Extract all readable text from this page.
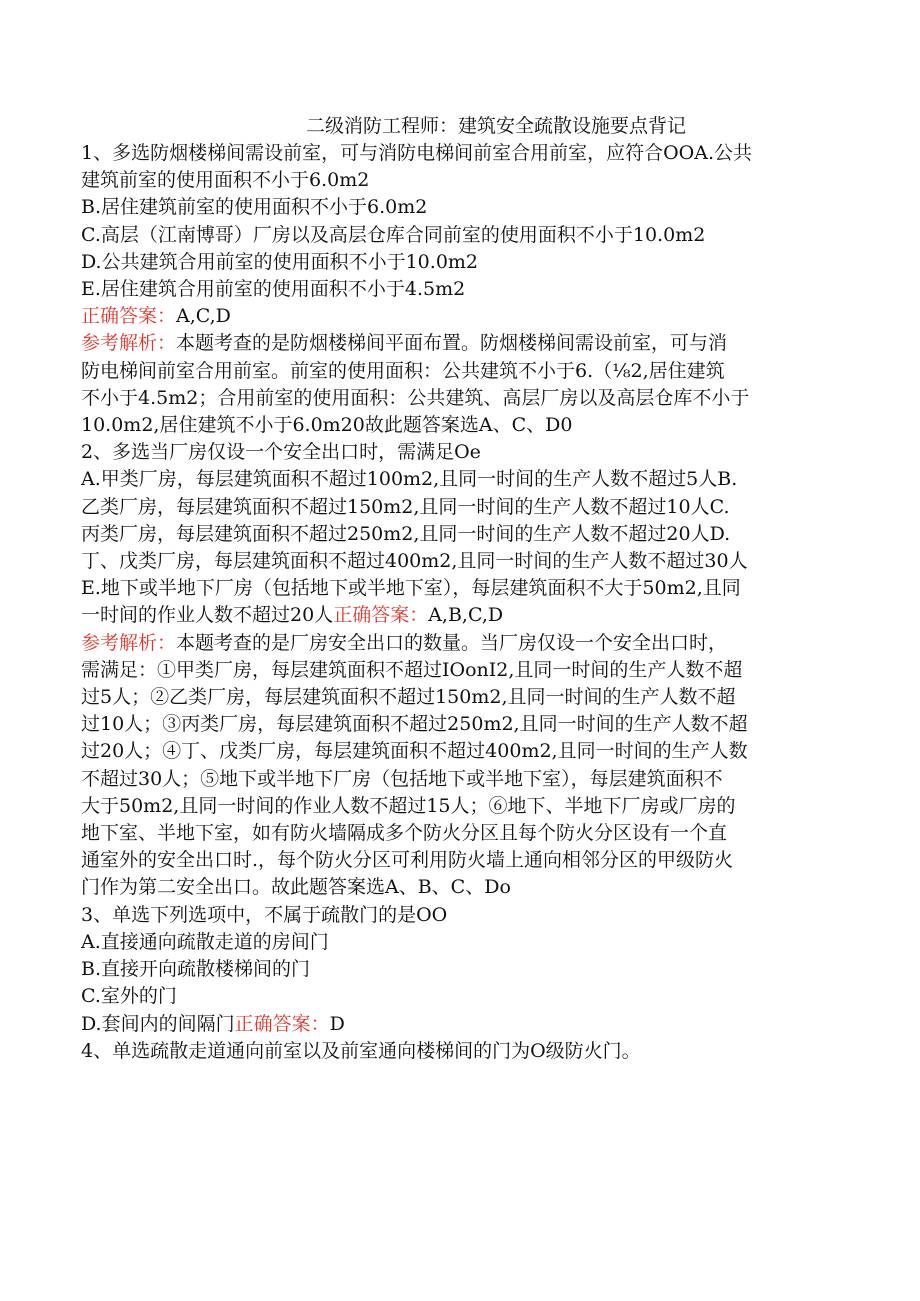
二级消防工程师：建筑安全疏散设施要点背记
1、多选防烟楼梯间需设前室，可与消防电梯间前室合用前室，应符合OOA.公共
建筑前室的使用面积不小于6.0m2
B.居住建筑前室的使用面积不小于6.0m2
C.高层（江南博哥）厂房以及高层仓库合同前室的使用面积不小于10.0m2
D.公共建筑合用前室的使用面积不小于10.0m2
E.居住建筑合用前室的使用面积不小于4.5m2
正确答案：A,C,D
参考解析：本题考查的是防烟楼梯间平面布置。防烟楼梯间需设前室，可与消
防电梯间前室合用前室。前室的使用面积：公共建筑不小于6.（⅛2,居住建筑
不小于4.5m2；合用前室的使用面积：公共建筑、高层厂房以及高层仓库不小于
10.0m2,居住建筑不小于6.0m20故此题答案选A、C、D0
2、多选当厂房仅设一个安全出口时，需满足Oe
A.甲类厂房，每层建筑面积不超过100m2,且同一时间的生产人数不超过5人B.
乙类厂房，每层建筑面积不超过150m2,且同一时间的生产人数不超过10人C.
丙类厂房，每层建筑面积不超过250m2,且同一时间的生产人数不超过20人D.
丁、戊类厂房，每层建筑面积不超过400m2,且同一时间的生产人数不超过30人
E.地下或半地下厂房（包括地下或半地下室），每层建筑面积不大于50m2,且同
一时间的作业人数不超过20人正确答案：A,B,C,D
参考解析：本题考查的是厂房安全出口的数量。当厂房仅设一个安全出口时，
需满足：①甲类厂房，每层建筑面积不超过IOonI2,且同一时间的生产人数不超
过5人；②乙类厂房，每层建筑面积不超过150m2,且同一时间的生产人数不超
过10人；③丙类厂房，每层建筑面积不超过250m2,且同一时间的生产人数不超
过20人；④丁、戊类厂房，每层建筑面积不超过400m2,且同一时间的生产人数
不超过30人；⑤地下或半地下厂房（包括地下或半地下室），每层建筑面积不
大于50m2,且同一时间的作业人数不超过15人；⑥地下、半地下厂房或厂房的
地下室、半地下室，如有防火墙隔成多个防火分区且每个防火分区设有一个直
通室外的安全出口时.，每个防火分区可利用防火墙上通向相邻分区的甲级防火
门作为第二安全出口。故此题答案选A、B、C、Do
3、单选下列选项中，不属于疏散门的是OO
A.直接通向疏散走道的房间门
B.直接开向疏散楼梯间的门
C.室外的门
D.套间内的间隔门正确答案：D
4、单选疏散走道通向前室以及前室通向楼梯间的门为O级防火门。
